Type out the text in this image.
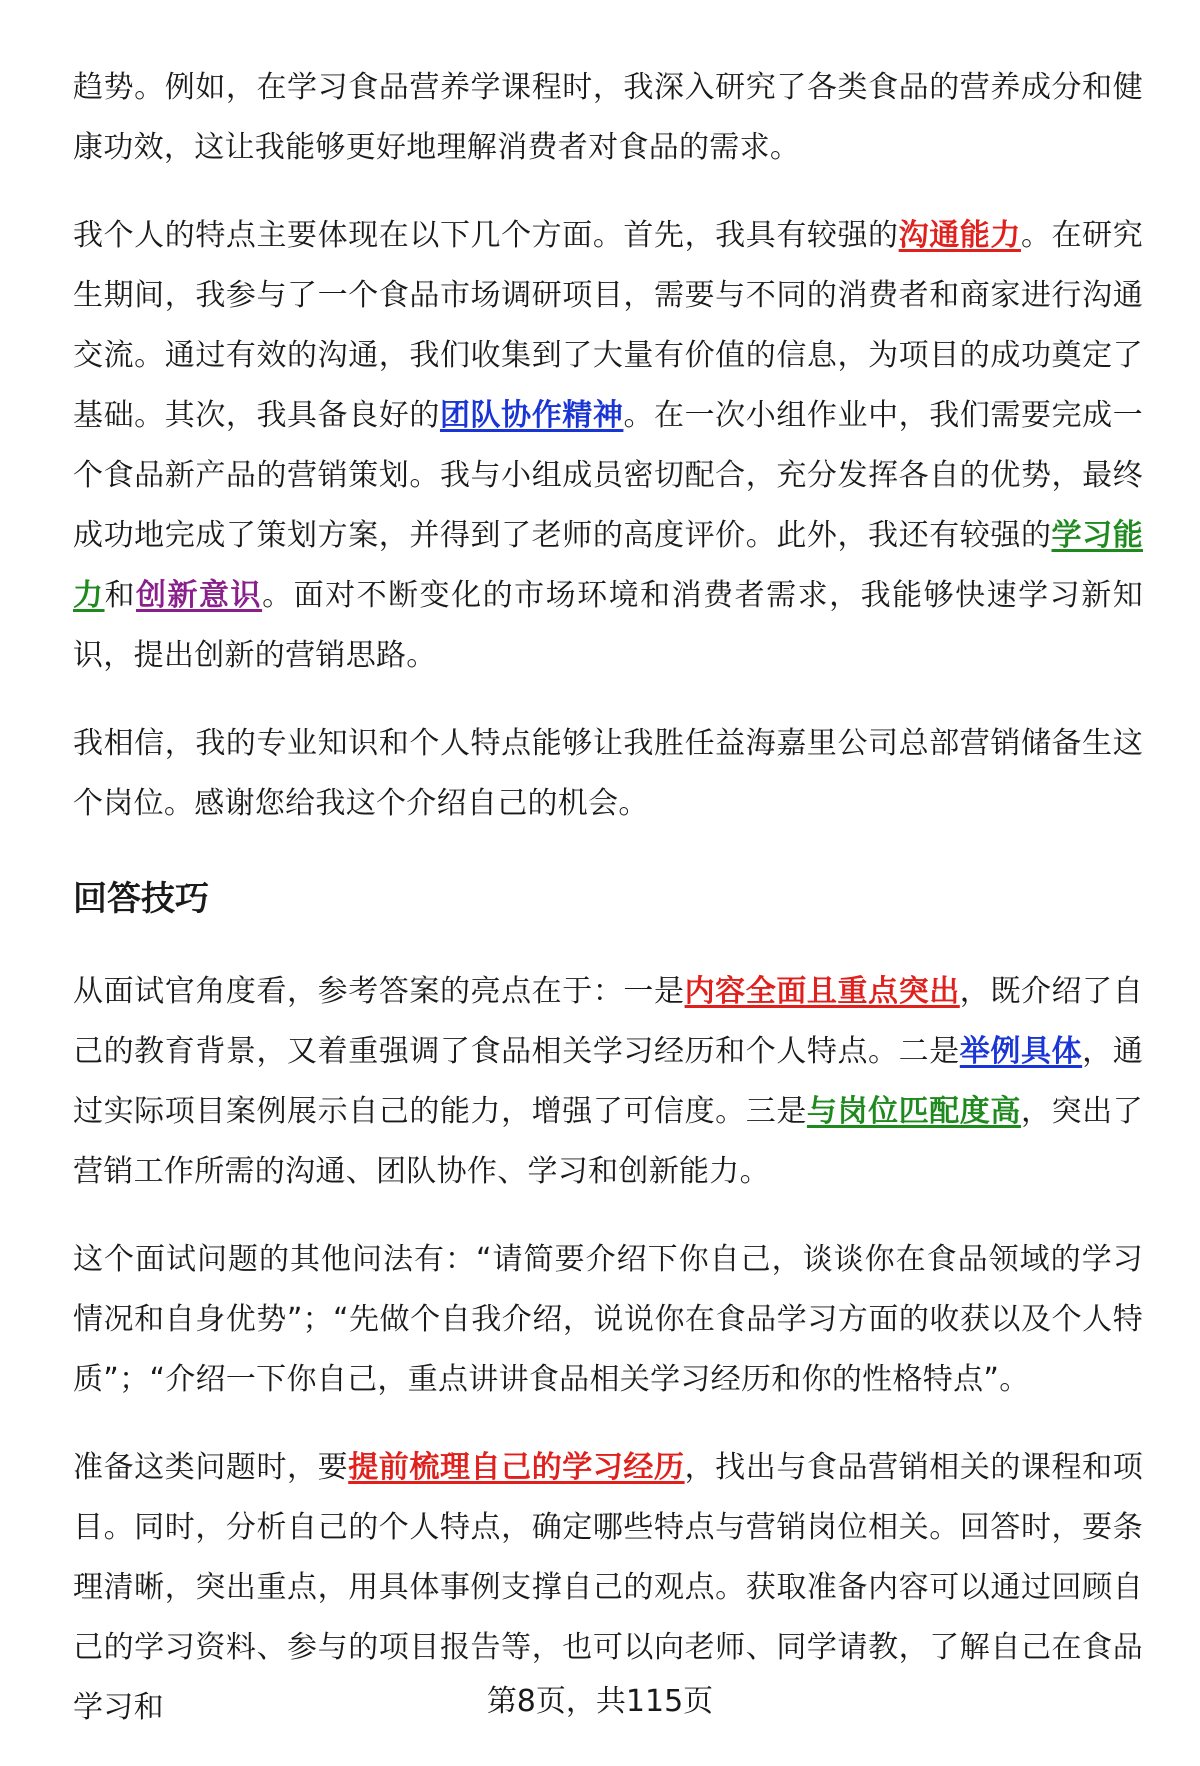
趋势。例如，在学习食品营养学课程时，我深入研究了各类食品的营养成分和健康功效，这让我能够更好地理解消费者对食品的需求。

我个人的特点主要体现在以下几个方面。首先，我具有较强的沟通能力。在研究生期间，我参与了一个食品市场调研项目，需要与不同的消费者和商家进行沟通交流。通过有效的沟通，我们收集到了大量有价值的信息，为项目的成功奠定了基础。其次，我具备良好的团队协作精神。在一次小组作业中，我们需要完成一个食品新产品的营销策划。我与小组成员密切配合，充分发挥各自的优势，最终成功地完成了策划方案，并得到了老师的高度评价。此外，我还有较强的学习能力和创新意识。面对不断变化的市场环境和消费者需求，我能够快速学习新知识，提出创新的营销思路。

我相信，我的专业知识和个人特点能够让我胜任益海嘉里公司总部营销储备生这个岗位。感谢您给我这个介绍自己的机会。

回答技巧

从面试官角度看，参考答案的亮点在于：一是内容全面且重点突出，既介绍了自己的教育背景，又着重强调了食品相关学习经历和个人特点。二是举例具体，通过实际项目案例展示自己的能力，增强了可信度。三是与岗位匹配度高，突出了营销工作所需的沟通、团队协作、学习和创新能力。

这个面试问题的其他问法有：“请简要介绍下你自己，谈谈你在食品领域的学习情况和自身优势”；“先做个自我介绍，说说你在食品学习方面的收获以及个人特质”；“介绍一下你自己，重点讲讲食品相关学习经历和你的性格特点”。

准备这类问题时，要提前梳理自己的学习经历，找出与食品营销相关的课程和项目。同时，分析自己的个人特点，确定哪些特点与营销岗位相关。回答时，要条理清晰，突出重点，用具体事例支撑自己的观点。获取准备内容可以通过回顾自己的学习资料、参与的项目报告等，也可以向老师、同学请教，了解自己在食品学习和	第8页，共115页
